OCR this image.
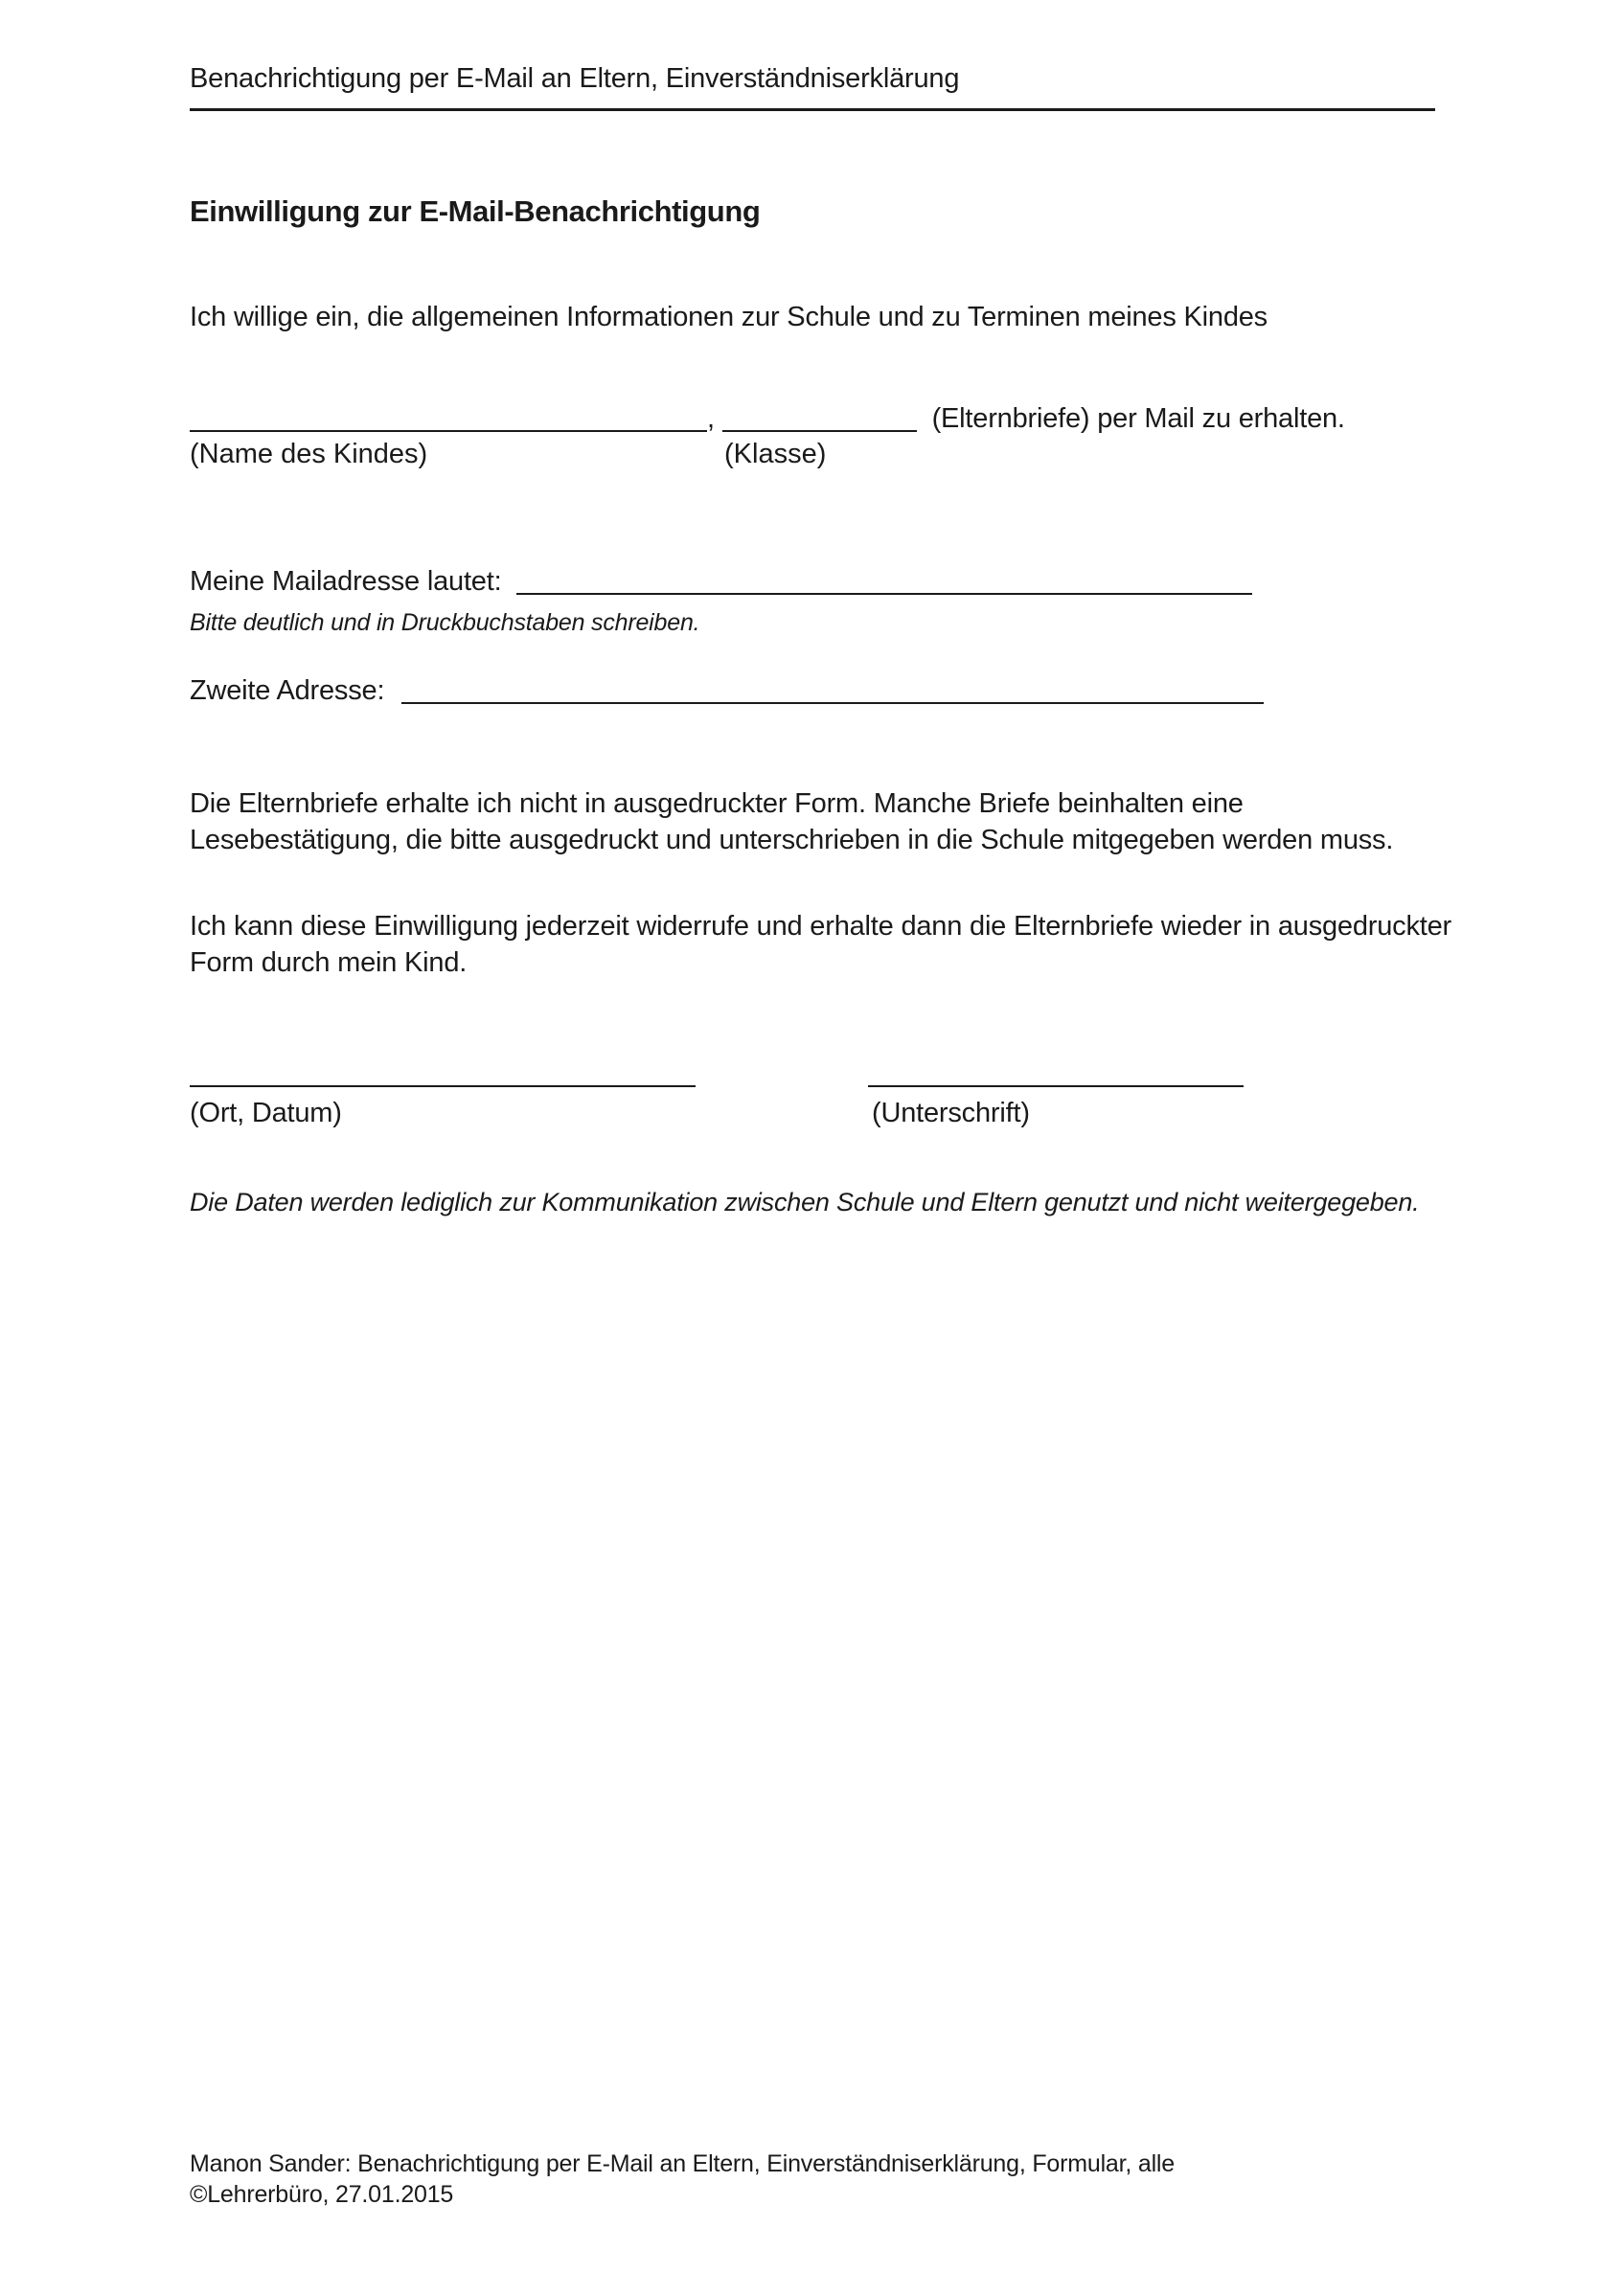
Benachrichtigung per E-Mail an Eltern, Einverständniserklärung
Einwilligung zur E-Mail-Benachrichtigung
Ich willige ein, die allgemeinen Informationen zur Schule und zu Terminen meines Kindes
,	(Elternbriefe) per Mail zu erhalten.
(Name des Kindes)	(Klasse)
Meine Mailadresse lautet:
Bitte deutlich und in Druckbuchstaben schreiben.
Zweite Adresse:
Die Elternbriefe erhalte ich nicht in ausgedruckter Form. Manche Briefe beinhalten eine Lesebestätigung, die bitte ausgedruckt und unterschrieben in die Schule mitgegeben werden muss.
Ich kann diese Einwilligung jederzeit widerrufe und erhalte dann die Elternbriefe wieder in ausgedruckter Form durch mein Kind.
(Ort, Datum)	(Unterschrift)
Die Daten werden lediglich zur Kommunikation zwischen Schule und Eltern genutzt und nicht weitergegeben.
Manon Sander: Benachrichtigung per E-Mail an Eltern, Einverständniserklärung, Formular, alle
©Lehrerbüro, 27.01.2015
